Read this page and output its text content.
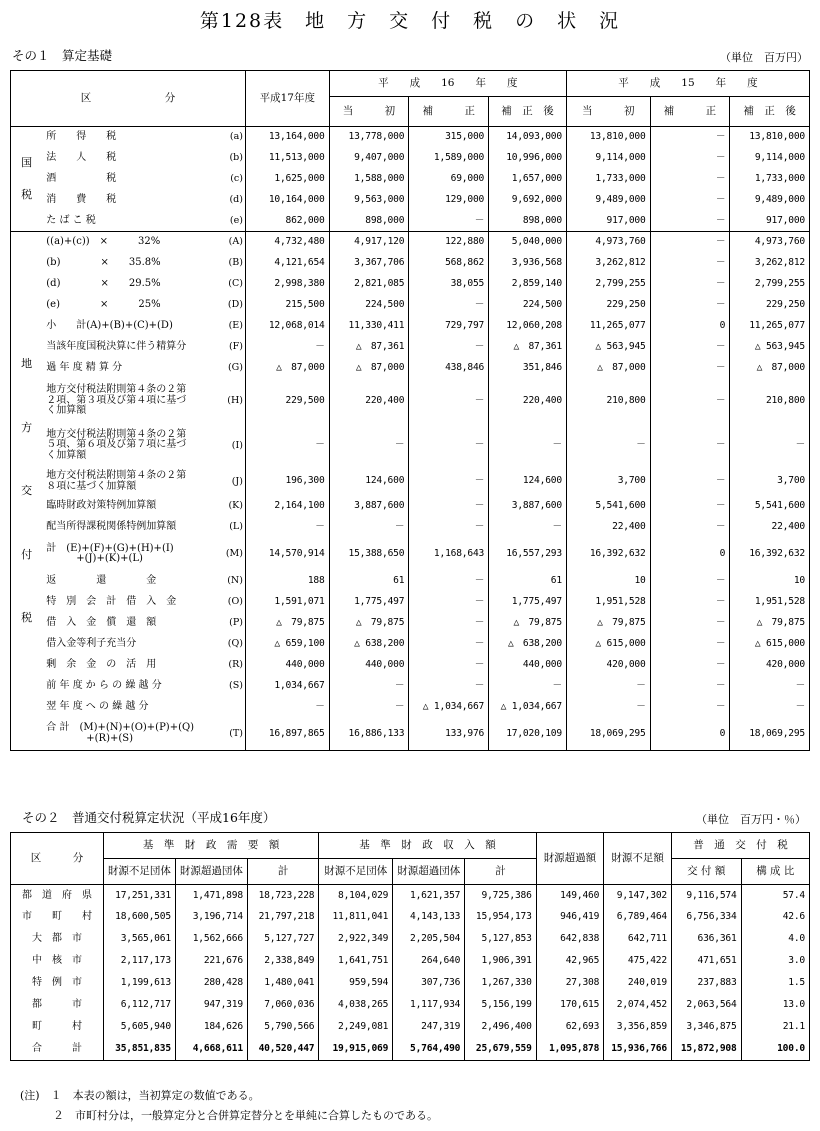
第128表　地　方　交　付　税　の　状　況
その１　算定基礎	（単位　百万円）
区　　　　　　　分			平成17年度	平　　成　　16　　年　　度			平　　成　　15　　年　　度		
				当　　　初	補　　　正	補　正　後	当　　　初	補　　　正	補　正　後

国
税	所　　得　　税	(a)	13,164,000	13,778,000	315,000	14,093,000	13,810,000	－	13,810,000

	法　　人　　税	(b)	11,513,000	9,407,000	1,589,000	10,996,000	9,114,000	－	9,114,000

	酒　　　　　税	(c)	1,625,000	1,588,000	69,000	1,657,000	1,733,000	－	1,733,000

	消　　費　　税	(d)	10,164,000	9,563,000	129,000	9,692,000	9,489,000	－	9,489,000

	た ば こ 税	(e)	862,000	898,000	－	898,000	917,000	－	917,000

地
方
交
付
税	((a)+(c))　×　　　32%	(A)	4,732,480	4,917,120	122,880	5,040,000	4,973,760	－	4,973,760

	(b)　　　　×　　35.8%	(B)	4,121,654	3,367,706	568,862	3,936,568	3,262,812	－	3,262,812

	(d)　　　　×　　29.5%	(C)	2,998,380	2,821,085	38,055	2,859,140	2,799,255	－	2,799,255

	(e)　　　　×　　　25%	(D)	215,500	224,500	－	224,500	229,250	－	229,250

	小　　計(A)+(B)+(C)+(D)	(E)	12,068,014	11,330,411	729,797	12,060,208	11,265,077	0	11,265,077

	当該年度国税決算に伴う精算分	(F)	－	△　87,361	－	△　87,361	△ 563,945	－	△ 563,945

	過 年 度 精 算 分	(G)	△　87,000	△　87,000	438,846	351,846	△　87,000	－	△　87,000

	地方交付税法附則第４条の２第
２項、第３項及び第４項に基づ
く加算額	(H)	229,500	220,400	－	220,400	210,800	－	210,800

	地方交付税法附則第４条の２第
５項、第６項及び第７項に基づ
く加算額	(I)	－	－	－	－	－	－	－

	地方交付税法附則第４条の２第
８項に基づく加算額	(J)	196,300	124,600	－	124,600	3,700	－	3,700

	臨時財政対策特例加算額	(K)	2,164,100	3,887,600	－	3,887,600	5,541,600	－	5,541,600

	配当所得課税関係特例加算額	(L)	－	－	－	－	22,400	－	22,400

	計　(E)+(F)+(G)+(H)+(I)
　　　+(J)+(K)+(L)	(M)	14,570,914	15,388,650	1,168,643	16,557,293	16,392,632	0	16,392,632

	返　　　　還　　　　金	(N)	188	61	－	61	10	－	10

	特　別　会　計　借　入　金	(O)	1,591,071	1,775,497	－	1,775,497	1,951,528	－	1,951,528

	借　入　金　償　還　額	(P)	△　79,875	△　79,875	－	△　79,875	△　79,875	－	△　79,875

	借入金等利子充当分	(Q)	△ 659,100	△ 638,200	－	△　638,200	△ 615,000	－	△ 615,000

	剰　余　金　の　活　用	(R)	440,000	440,000	－	440,000	420,000	－	420,000

	前 年 度 か ら の 繰 越 分	(S)	1,034,667	－	－	－	－	－	－

	翌 年 度 へ の 繰 越 分		－	－	△ 1,034,667	△ 1,034,667	－	－	－

	合 計　(M)+(N)+(O)+(P)+(Q)
　　　　+(R)+(S)	(T)	16,897,865	16,886,133	133,976	17,020,109	18,069,295	0	18,069,295
その２　普通交付税算定状況（平成16年度）	（単位　百万円・％）
区　　　分	基　準　財　政　需　要　額			基　準　財　政　収　入　額			財源超過額	財源不足額	普　通　交　付　税	
	財源不足団体	財源超過団体	計	財源不足団体	財源超過団体	計			交 付 額	構 成 比
都　道　府　県	17,251,331	1,471,898	18,723,228	8,104,029	1,621,357	9,725,386	149,460	9,147,302	9,116,574	57.4
市　　町　　村	18,600,505	3,196,714	21,797,218	11,811,041	4,143,133	15,954,173	946,419	6,789,464	6,756,334	42.6
大　都　市	3,565,061	1,562,666	5,127,727	2,922,349	2,205,504	5,127,853	642,838	642,711	636,361	4.0
中　核　市	2,117,173	221,676	2,338,849	1,641,751	264,640	1,906,391	42,965	475,422	471,651	3.0
特　例　市	1,199,613	280,428	1,480,041	959,594	307,736	1,267,330	27,308	240,019	237,883	1.5
都　　　市	6,112,717	947,319	7,060,036	4,038,265	1,117,934	5,156,199	170,615	2,074,452	2,063,564	13.0
町　　　村	5,605,940	184,626	5,790,566	2,249,081	247,319	2,496,400	62,693	3,356,859	3,346,875	21.1
合　　　計	35,851,835	4,668,611	40,520,447	19,915,069	5,764,490	25,679,559	1,095,878	15,936,766	15,872,908	100.0
(注)　１　本表の額は，当初算定の数値である。
　　　２　市町村分は，一般算定分と合併算定替分とを単純に合算したものである。
